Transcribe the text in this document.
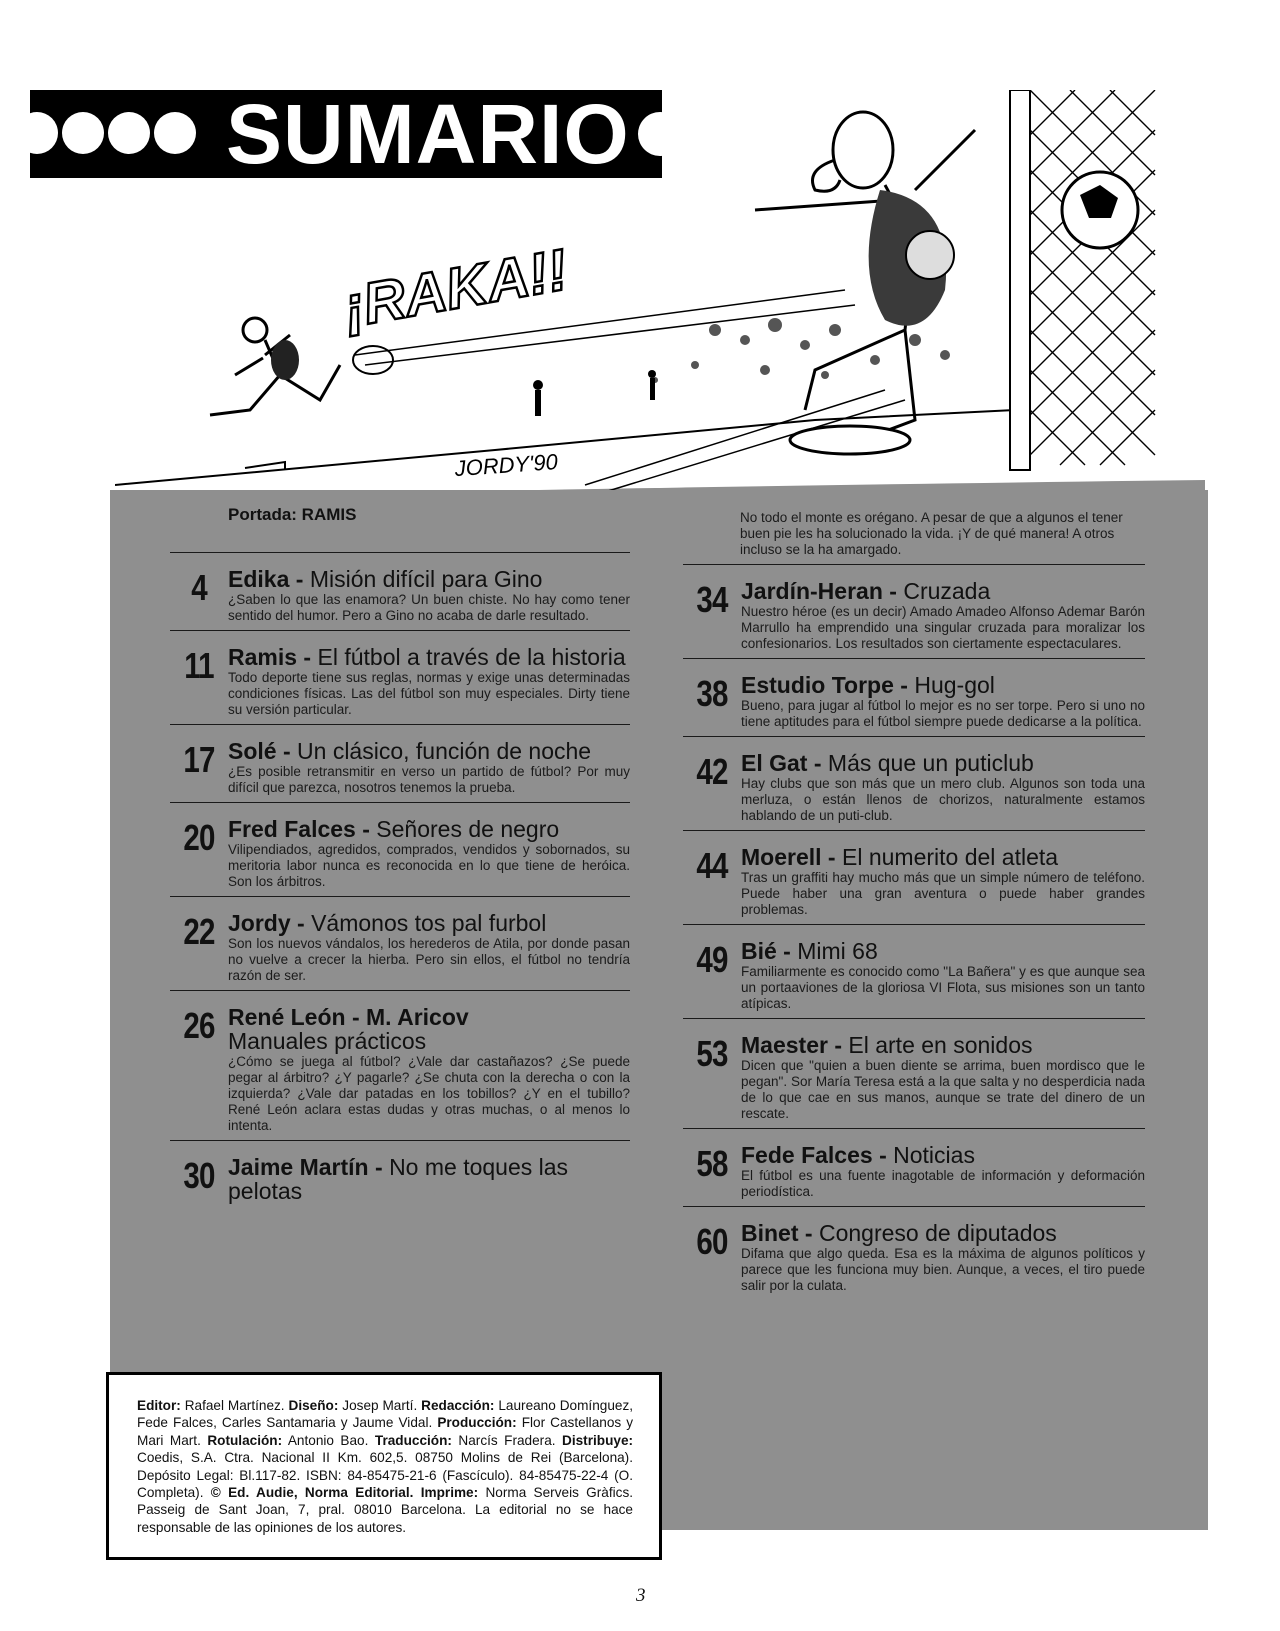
SUMARIO
¡RAKA!!
JORDY'90
Portada: RAMIS
4 Edika - Misión difícil para Gino
¿Saben lo que las enamora? Un buen chiste. No hay como tener sentido del humor. Pero a Gino no acaba de darle resultado.
11 Ramis - El fútbol a través de la historia
Todo deporte tiene sus reglas, normas y exige unas determinadas condiciones físicas. Las del fútbol son muy especiales. Dirty tiene su versión particular.
17 Solé - Un clásico, función de noche
¿Es posible retransmitir en verso un partido de fútbol? Por muy difícil que parezca, nosotros tenemos la prueba.
20 Fred Falces - Señores de negro
Vilipendiados, agredidos, comprados, vendidos y sobornados, su meritoria labor nunca es reconocida en lo que tiene de heróica. Son los árbitros.
22 Jordy - Vámonos tos pal furbol
Son los nuevos vándalos, los herederos de Atila, por donde pasan no vuelve a crecer la hierba. Pero sin ellos, el fútbol no tendría razón de ser.
26 René León - M. Aricov
Manuales prácticos
¿Cómo se juega al fútbol? ¿Vale dar castañazos? ¿Se puede pegar al árbitro? ¿Y pagarle? ¿Se chuta con la derecha o con la izquierda? ¿Vale dar patadas en los tobillos? ¿Y en el tubillo? René León aclara estas dudas y otras muchas, o al menos lo intenta.
30 Jaime Martín - No me toques las pelotas
No todo el monte es orégano. A pesar de que a algunos el tener buen pie les ha solucionado la vida. ¡Y de qué manera! A otros incluso se la ha amargado.
34 Jardín-Heran - Cruzada
Nuestro héroe (es un decir) Amado Amadeo Alfonso Ademar Barón Marrullo ha emprendido una singular cruzada para moralizar los confesionarios. Los resultados son ciertamente espectaculares.
38 Estudio Torpe - Hug-gol
Bueno, para jugar al fútbol lo mejor es no ser torpe. Pero si uno no tiene aptitudes para el fútbol siempre puede dedicarse a la política.
42 El Gat - Más que un puticlub
Hay clubs que son más que un mero club. Algunos son toda una merluza, o están llenos de chorizos, naturalmente estamos hablando de un puti-club.
44 Moerell - El numerito del atleta
Tras un graffiti hay mucho más que un simple número de teléfono. Puede haber una gran aventura o puede haber grandes problemas.
49 Bié - Mimi 68
Familiarmente es conocido como "La Bañera" y es que aunque sea un portaaviones de la gloriosa VI Flota, sus misiones son un tanto atípicas.
53 Maester - El arte en sonidos
Dicen que "quien a buen diente se arrima, buen mordisco que le pegan". Sor María Teresa está a la que salta y no desperdicia nada de lo que cae en sus manos, aunque se trate del dinero de un rescate.
58 Fede Falces - Noticias
El fútbol es una fuente inagotable de información y deformación periodística.
60 Binet - Congreso de diputados
Difama que algo queda. Esa es la máxima de algunos políticos y parece que les funciona muy bien. Aunque, a veces, el tiro puede salir por la culata.

Editor: Rafael Martínez. Diseño: Josep Martí. Redacción: Laureano Domínguez, Fede Falces, Carles Santamaria y Jaume Vidal. Producción: Flor Castellanos y Mari Mart. Rotulación: Antonio Bao. Traducción: Narcís Fradera. Distribuye: Coedis, S.A. Ctra. Nacional II Km. 602,5. 08750 Molins de Rei (Barcelona). Depósito Legal: Bl.117-82. ISBN: 84-85475-21-6 (Fascículo). 84-85475-22-4 (O. Completa). © Ed. Audie, Norma Editorial. Imprime: Norma Serveis Gràfics. Passeig de Sant Joan, 7, pral. 08010 Barcelona. La editorial no se hace responsable de las opiniones de los autores.

3
